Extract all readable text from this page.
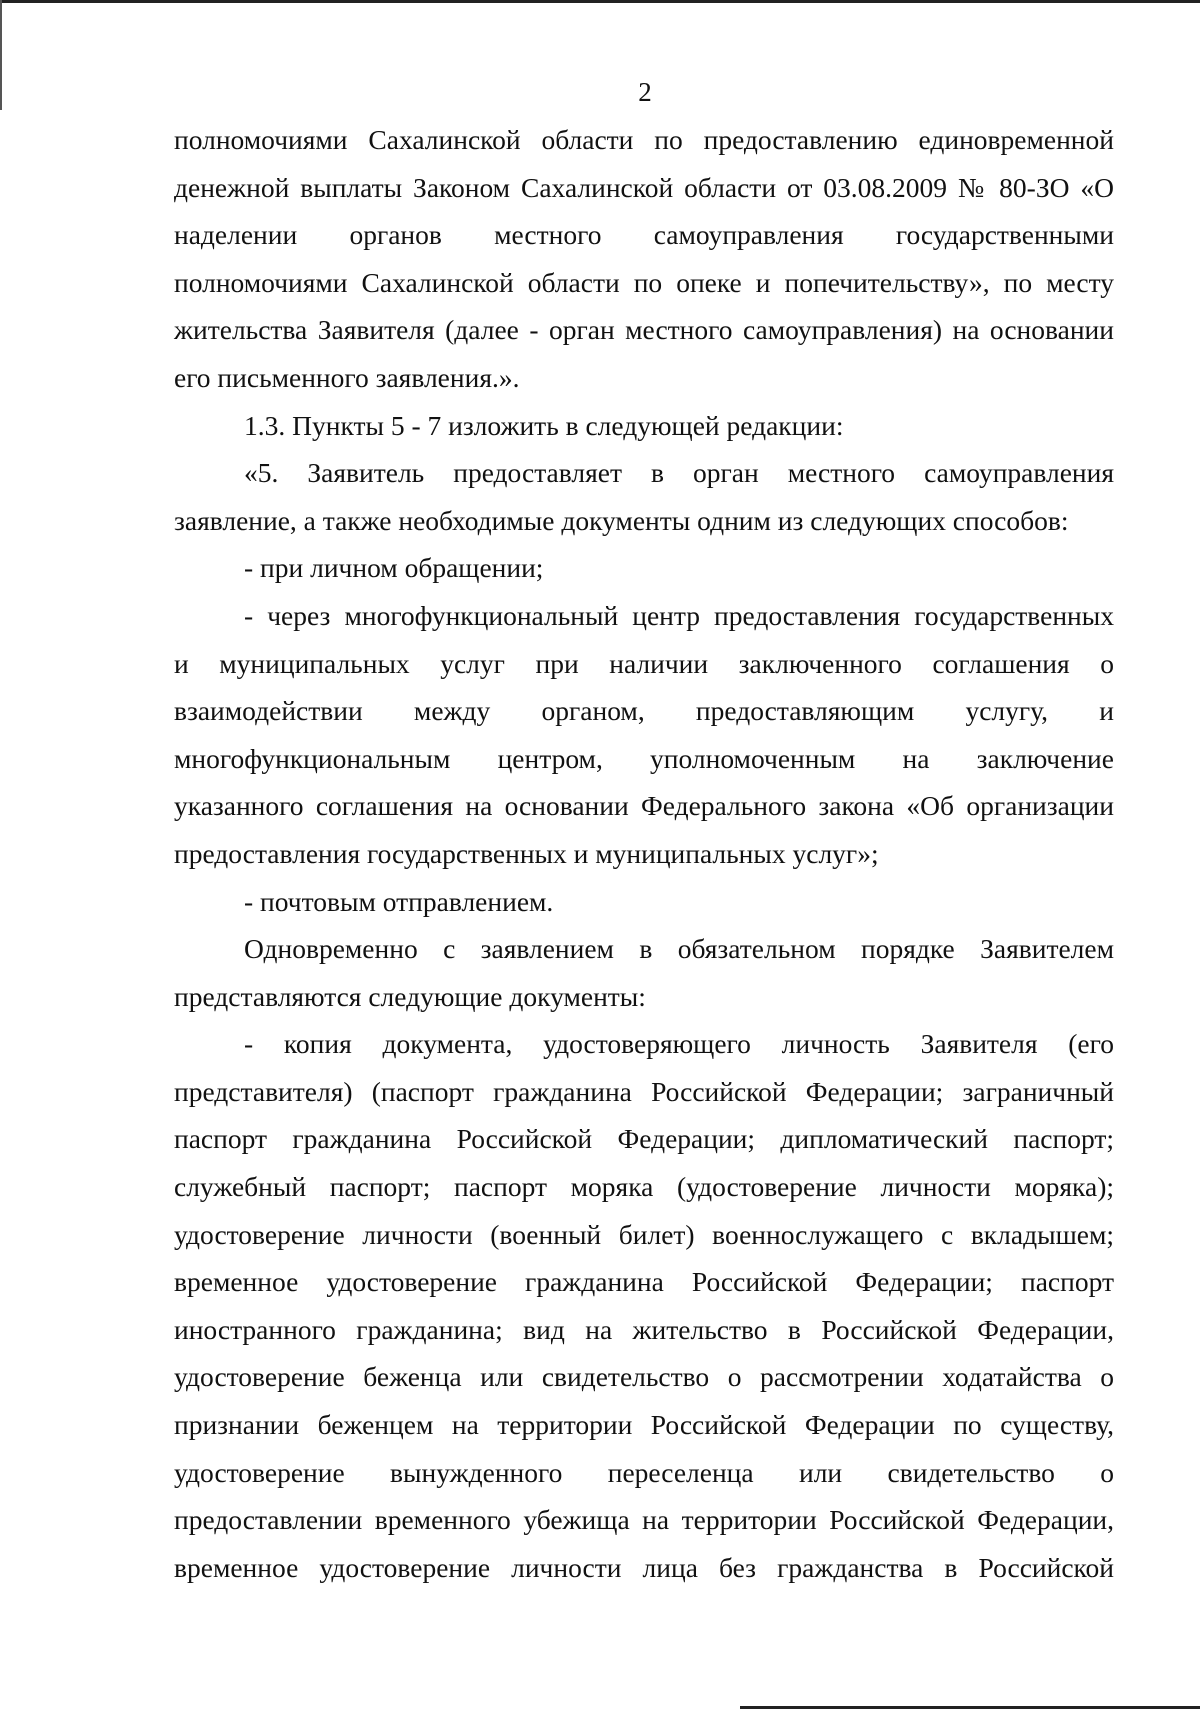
2

полномочиями Сахалинской области по предоставлению единовременной

денежной выплаты Законом Сахалинской области от 03.08.2009 № 80-ЗО «О

наделении органов местного самоуправления государственными

полномочиями Сахалинской области по опеке и попечительству», по месту

жительства Заявителя (далее - орган местного самоуправления) на основании

его письменного заявления.».

1.3. Пункты 5 - 7 изложить в следующей редакции:

«5. Заявитель предоставляет в орган местного самоуправления

заявление, а также необходимые документы одним из следующих способов:

- при личном обращении;

- через многофункциональный центр предоставления государственных

и муниципальных услуг при наличии заключенного соглашения о

взаимодействии между органом, предоставляющим услугу, и

многофункциональным центром, уполномоченным на заключение

указанного соглашения на основании Федерального закона «Об организации

предоставления государственных и муниципальных услуг»;

- почтовым отправлением.

Одновременно с заявлением в обязательном порядке Заявителем

представляются следующие документы:

- копия документа, удостоверяющего личность Заявителя (его

представителя) (паспорт гражданина Российской Федерации; заграничный

паспорт гражданина Российской Федерации; дипломатический паспорт;

служебный паспорт; паспорт моряка (удостоверение личности моряка);

удостоверение личности (военный билет) военнослужащего с вкладышем;

временное удостоверение гражданина Российской Федерации; паспорт

иностранного гражданина; вид на жительство в Российской Федерации,

удостоверение беженца или свидетельство о рассмотрении ходатайства о

признании беженцем на территории Российской Федерации по существу,

удостоверение вынужденного переселенца или свидетельство о

предоставлении временного убежища на территории Российской Федерации,

временное удостоверение личности лица без гражданства в Российской
